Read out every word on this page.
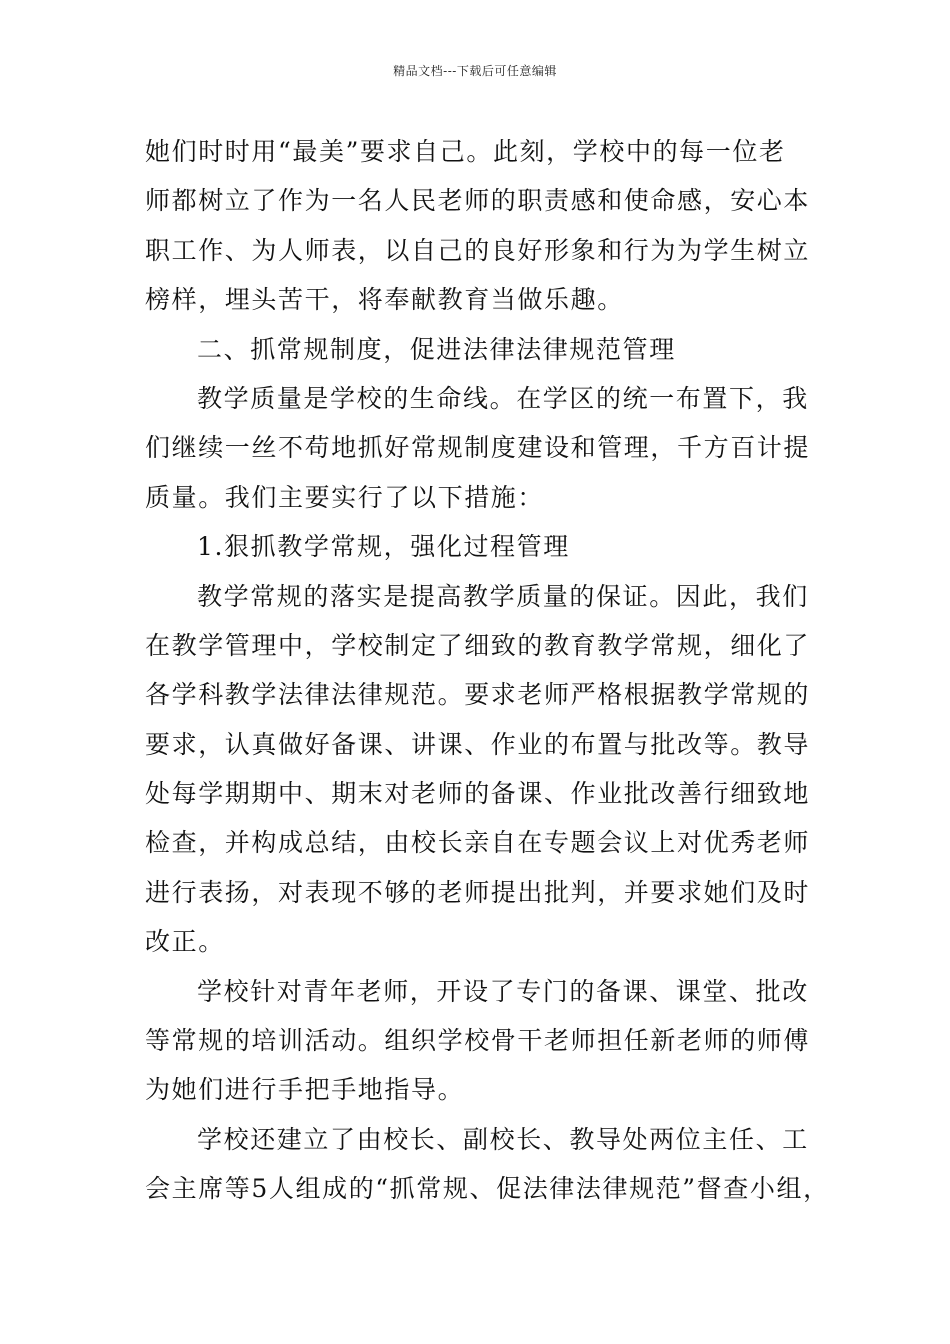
精品文档---下载后可任意编辑
她们时时用“最美”要求自己。此刻，学校中的每一位老
师都树立了作为一名人民老师的职责感和使命感，安心本
职工作、为人师表，以自己的良好形象和行为为学生树立
榜样，埋头苦干，将奉献教育当做乐趣。
二、抓常规制度，促进法律法律规范管理
教学质量是学校的生命线。在学区的统一布置下，我
们继续一丝不苟地抓好常规制度建设和管理，千方百计提
质量。我们主要实行了以下措施：
1.狠抓教学常规，强化过程管理
教学常规的落实是提高教学质量的保证。因此，我们
在教学管理中，学校制定了细致的教育教学常规，细化了
各学科教学法律法律规范。要求老师严格根据教学常规的
要求，认真做好备课、讲课、作业的布置与批改等。教导
处每学期期中、期末对老师的备课、作业批改善行细致地
检查，并构成总结，由校长亲自在专题会议上对优秀老师
进行表扬，对表现不够的老师提出批判，并要求她们及时
改正。
学校针对青年老师，开设了专门的备课、课堂、批改
等常规的培训活动。组织学校骨干老师担任新老师的师傅
为她们进行手把手地指导。
学校还建立了由校长、副校长、教导处两位主任、工
会主席等5人组成的“抓常规、促法律法律规范”督查小组，
